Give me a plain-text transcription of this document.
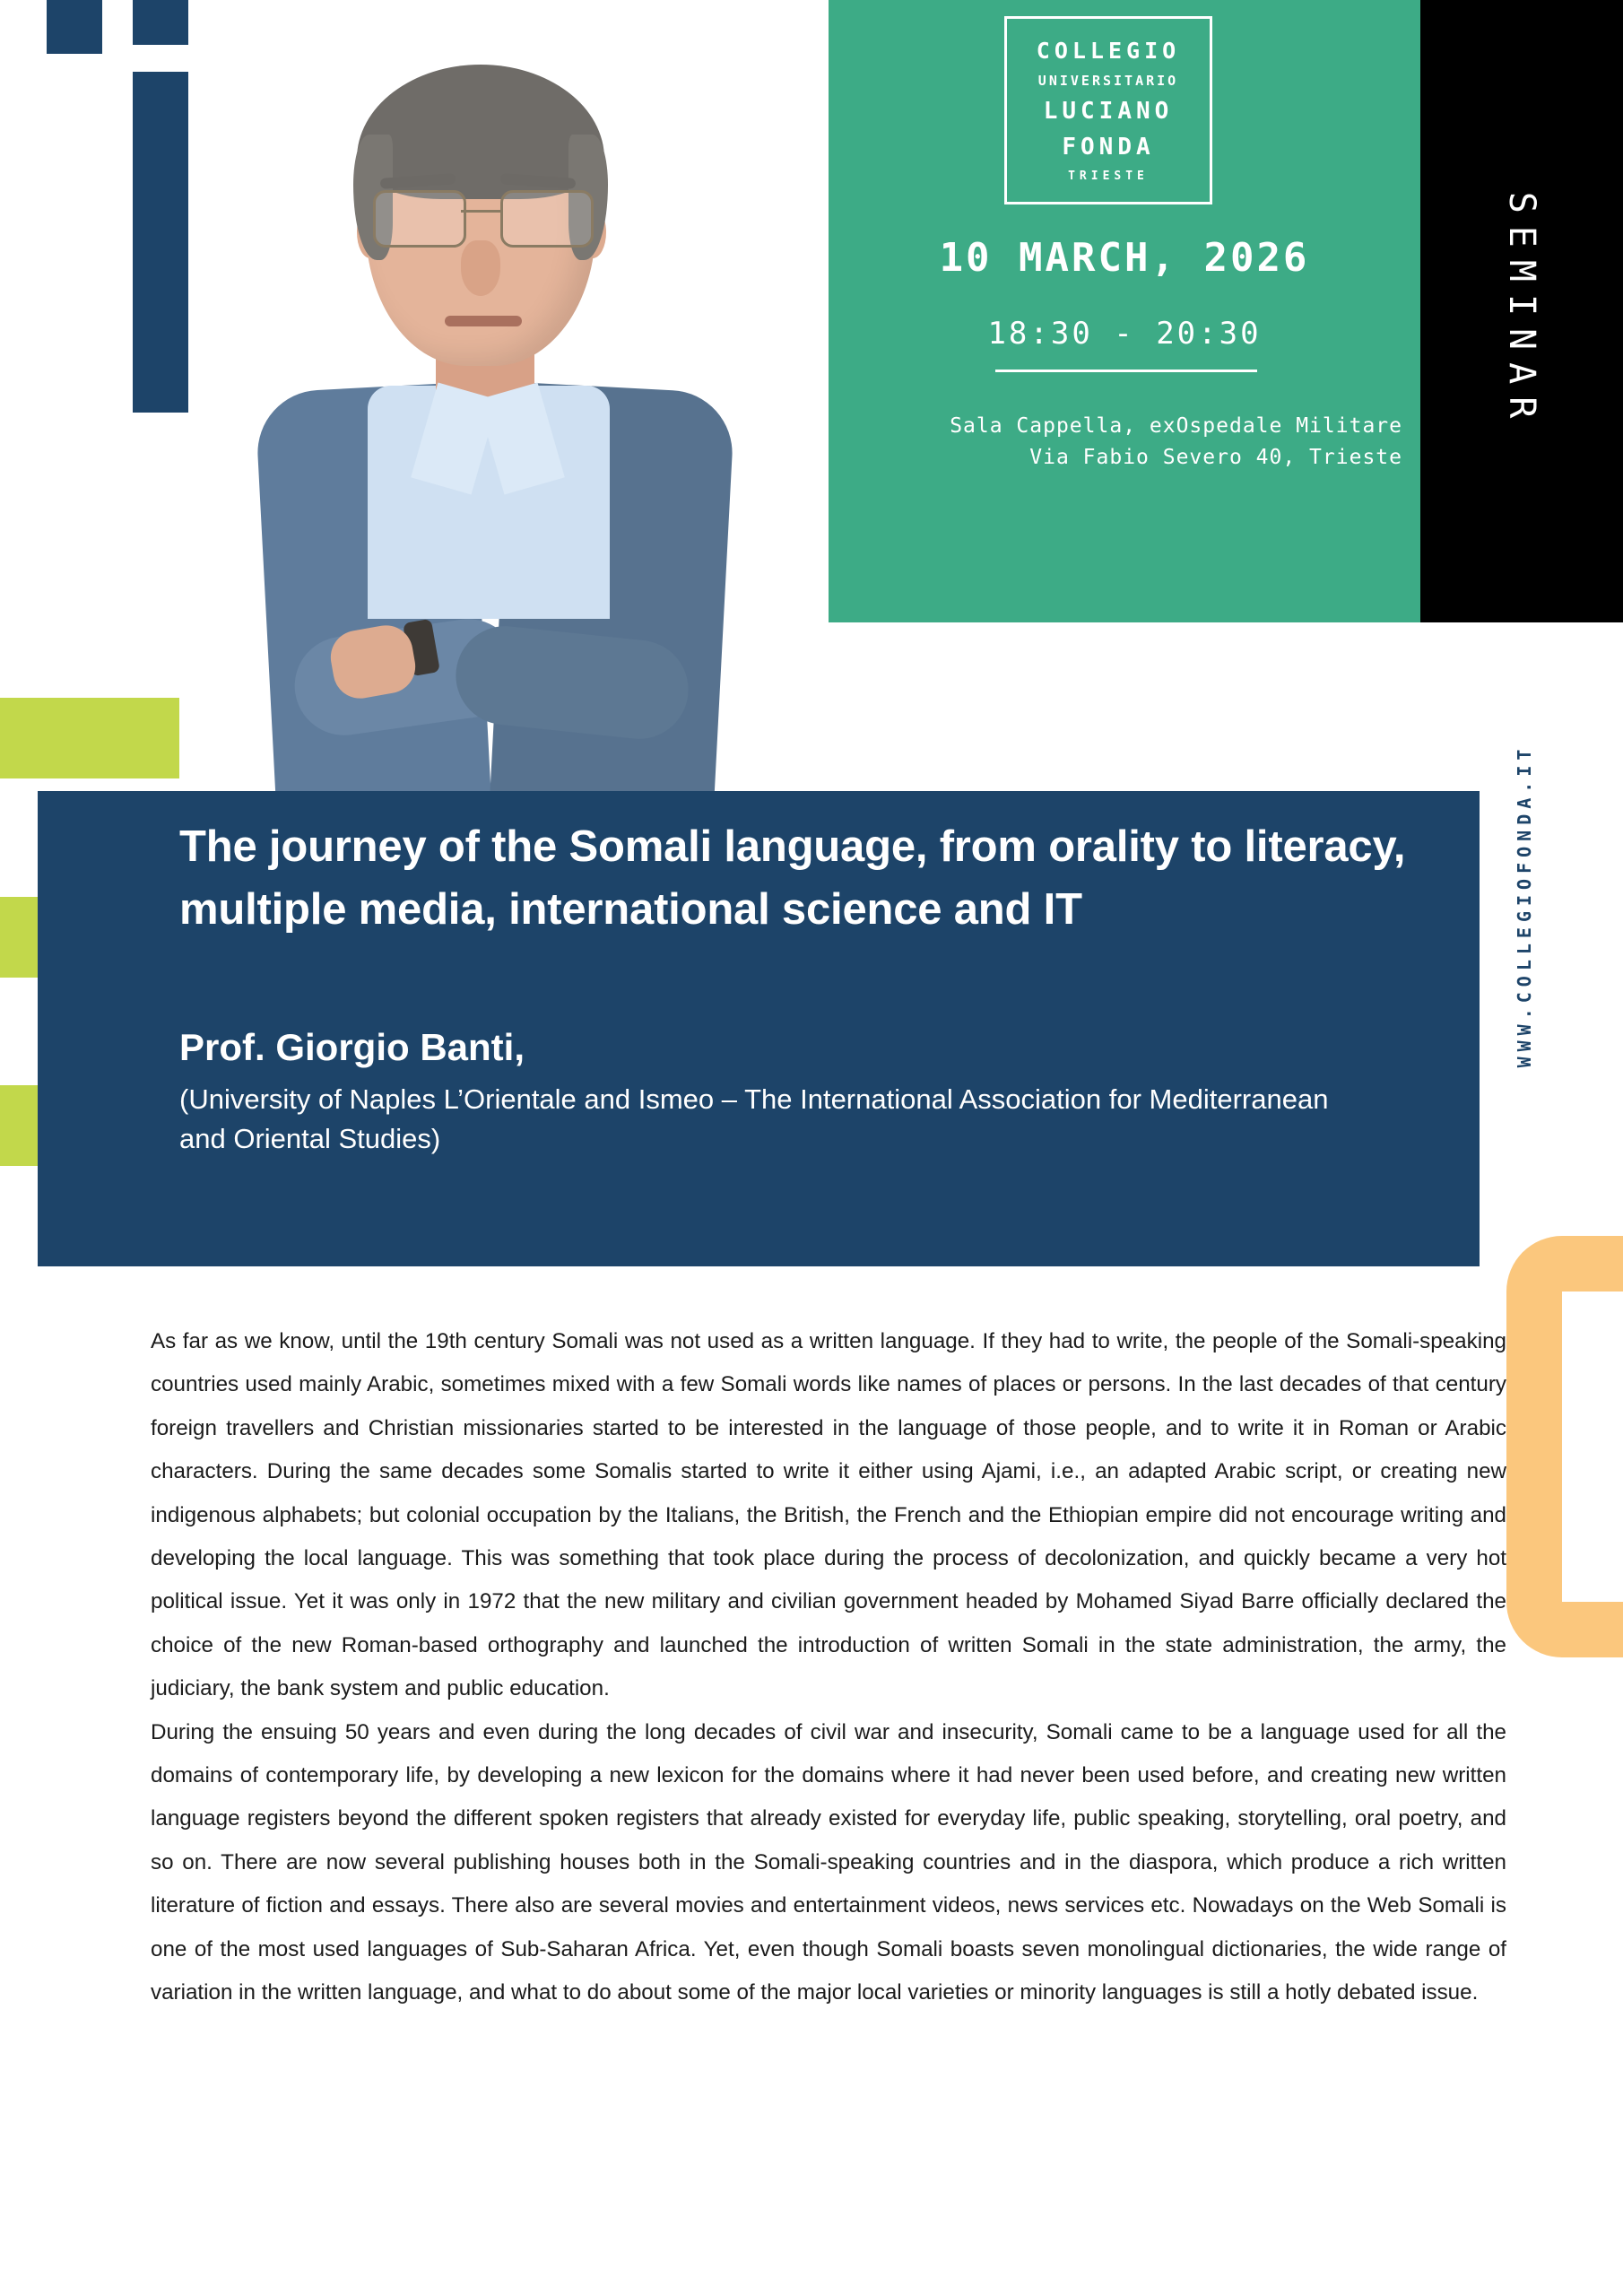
COLLEGIO
UNIVERSITARIO
LUCIANO
FONDA
TRIESTE
10 MARCH, 2026
18:30 - 20:30
Sala Cappella, exOspedale Militare
Via Fabio Severo 40, Trieste
SEMINAR
WWW.COLLEGIOFONDA.IT
The journey of the Somali language, from orality to literacy, multiple media, international science and IT
Prof. Giorgio Banti,
(University of Naples L’Orientale and Ismeo – The International Association for Mediterranean and Oriental Studies)

As far as we know, until the 19th century Somali was not used as a written language. If they had to write, the people of the Somali-speaking countries used mainly Arabic, sometimes mixed with a few Somali words like names of places or persons. In the last decades of that century foreign travellers and Christian missionaries started to be interested in the language of those people, and to write it in Roman or Arabic characters. During the same decades some Somalis started to write it either using Ajami, i.e., an adapted Arabic script, or creating new indigenous alphabets; but colonial occupation by the Italians, the British, the French and the Ethiopian empire did not encourage writing and developing the local language. This was something that took place during the process of decolonization, and quickly became a very hot political issue. Yet it was only in 1972 that the new military and civilian government headed by Mohamed Siyad Barre officially declared the choice of the new Roman-based orthography and launched the introduction of written Somali in the state administration, the army, the judiciary, the bank system and public education.

During the ensuing 50 years and even during the long decades of civil war and insecurity, Somali came to be a language used for all the domains of contemporary life, by developing a new lexicon for the domains where it had never been used before, and creating new written language registers beyond the different spoken registers that already existed for everyday life, public speaking, storytelling, oral poetry, and so on. There are now several publishing houses both in the Somali-speaking countries and in the diaspora, which produce a rich written literature of fiction and essays. There also are several movies and entertainment videos, news services etc. Nowadays on the Web Somali is one of the most used languages of Sub-Saharan Africa. Yet, even though Somali boasts seven monolingual dictionaries, the wide range of variation in the written language, and what to do about some of the major local varieties or minority languages is still a hotly debated issue.
